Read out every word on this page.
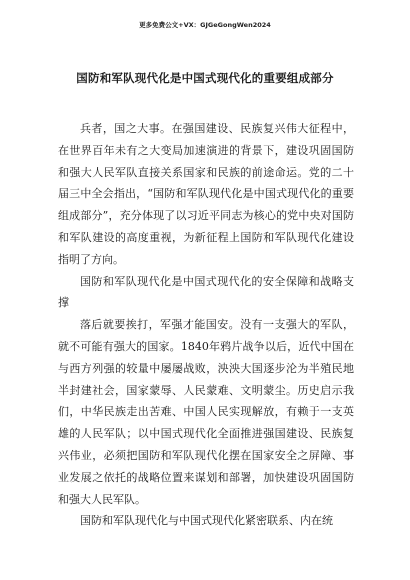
更多免费公文+VX：GJGeGongWen2024
国防和军队现代化是中国式现代化的重要组成部分

兵者，国之大事。在强国建设、民族复兴伟大征程中，在世界百年未有之大变局加速演进的背景下，建设巩固国防和强大人民军队直接关系国家和民族的前途命运。党的二十届三中全会指出，“国防和军队现代化是中国式现代化的重要组成部分”，充分体现了以习近平同志为核心的党中央对国防和军队建设的高度重视，为新征程上国防和军队现代化建设指明了方向。

国防和军队现代化是中国式现代化的安全保障和战略支撑

落后就要挨打，军强才能国安。没有一支强大的军队，就不可能有强大的国家。1840年鸦片战争以后，近代中国在与西方列强的较量中屡屡战败，泱泱大国逐步沦为半殖民地半封建社会，国家蒙辱、人民蒙难、文明蒙尘。历史启示我们，中华民族走出苦难、中国人民实现解放，有赖于一支英雄的人民军队；以中国式现代化全面推进强国建设、民族复兴伟业，必须把国防和军队现代化摆在国家安全之屏障、事业发展之依托的战略位置来谋划和部署，加快建设巩固国防和强大人民军队。

国防和军队现代化与中国式现代化紧密联系、内在统
